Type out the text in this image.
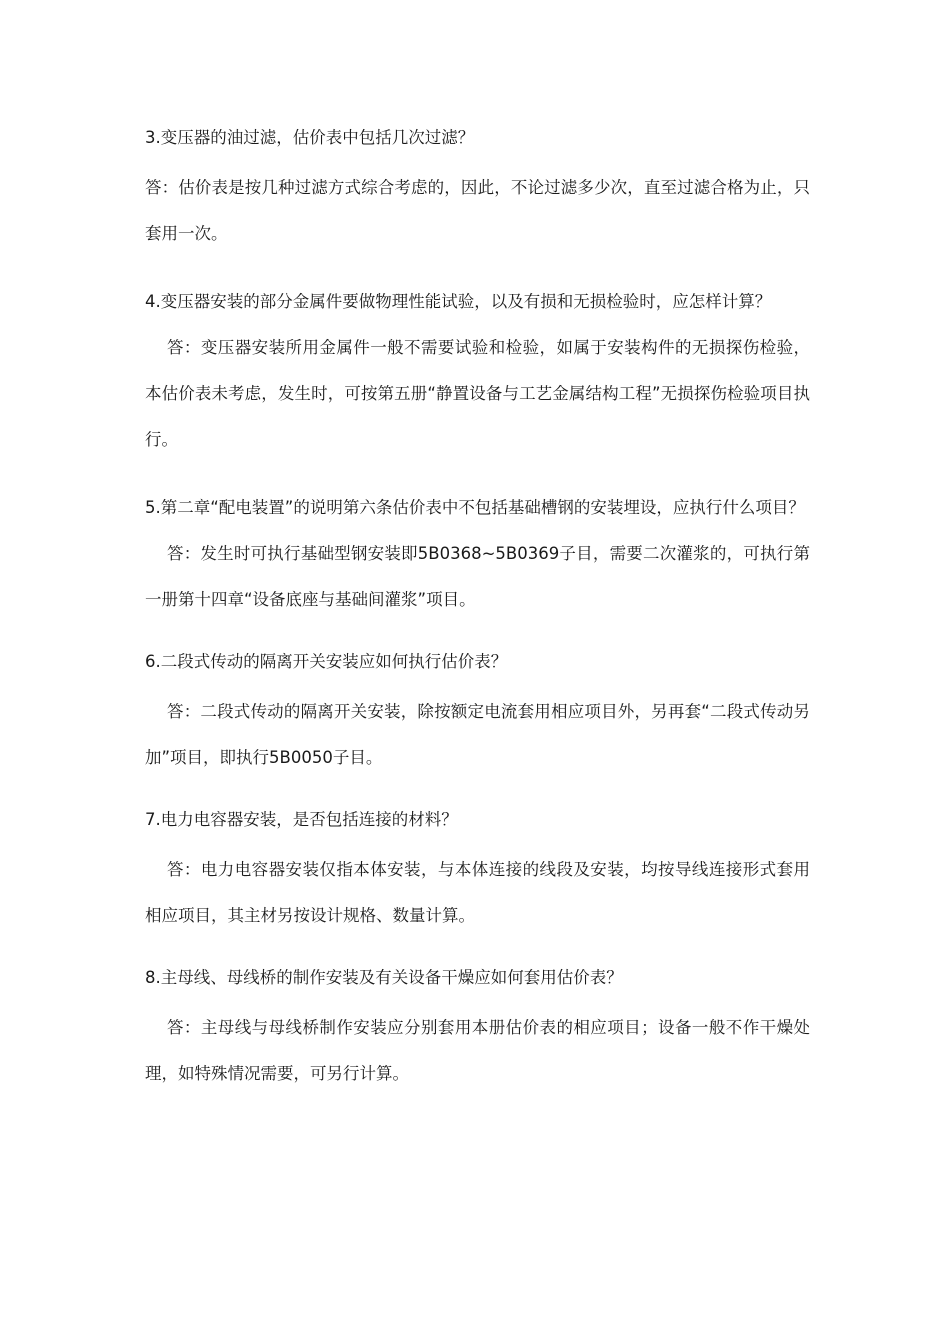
3.变压器的油过滤，估价表中包括几次过滤？

答：估价表是按几种过滤方式综合考虑的，因此，不论过滤多少次，直至过滤合格为止，只套用一次。

4.变压器安装的部分金属件要做物理性能试验，以及有损和无损检验时，应怎样计算？

答：变压器安装所用金属件一般不需要试验和检验，如属于安装构件的无损探伤检验，本估价表未考虑，发生时，可按第五册“静置设备与工艺金属结构工程”无损探伤检验项目执行。

5.第二章“配电装置”的说明第六条估价表中不包括基础槽钢的安装埋设，应执行什么项目？

答：发生时可执行基础型钢安装即5B0368~5B0369子目，需要二次灌浆的，可执行第一册第十四章“设备底座与基础间灌浆”项目。

6.二段式传动的隔离开关安装应如何执行估价表？

答：二段式传动的隔离开关安装，除按额定电流套用相应项目外，另再套“二段式传动另加”项目，即执行5B0050子目。

7.电力电容器安装，是否包括连接的材料？

答：电力电容器安装仅指本体安装，与本体连接的线段及安装，均按导线连接形式套用相应项目，其主材另按设计规格、数量计算。

8.主母线、母线桥的制作安装及有关设备干燥应如何套用估价表？

答：主母线与母线桥制作安装应分别套用本册估价表的相应项目；设备一般不作干燥处理，如特殊情况需要，可另行计算。
